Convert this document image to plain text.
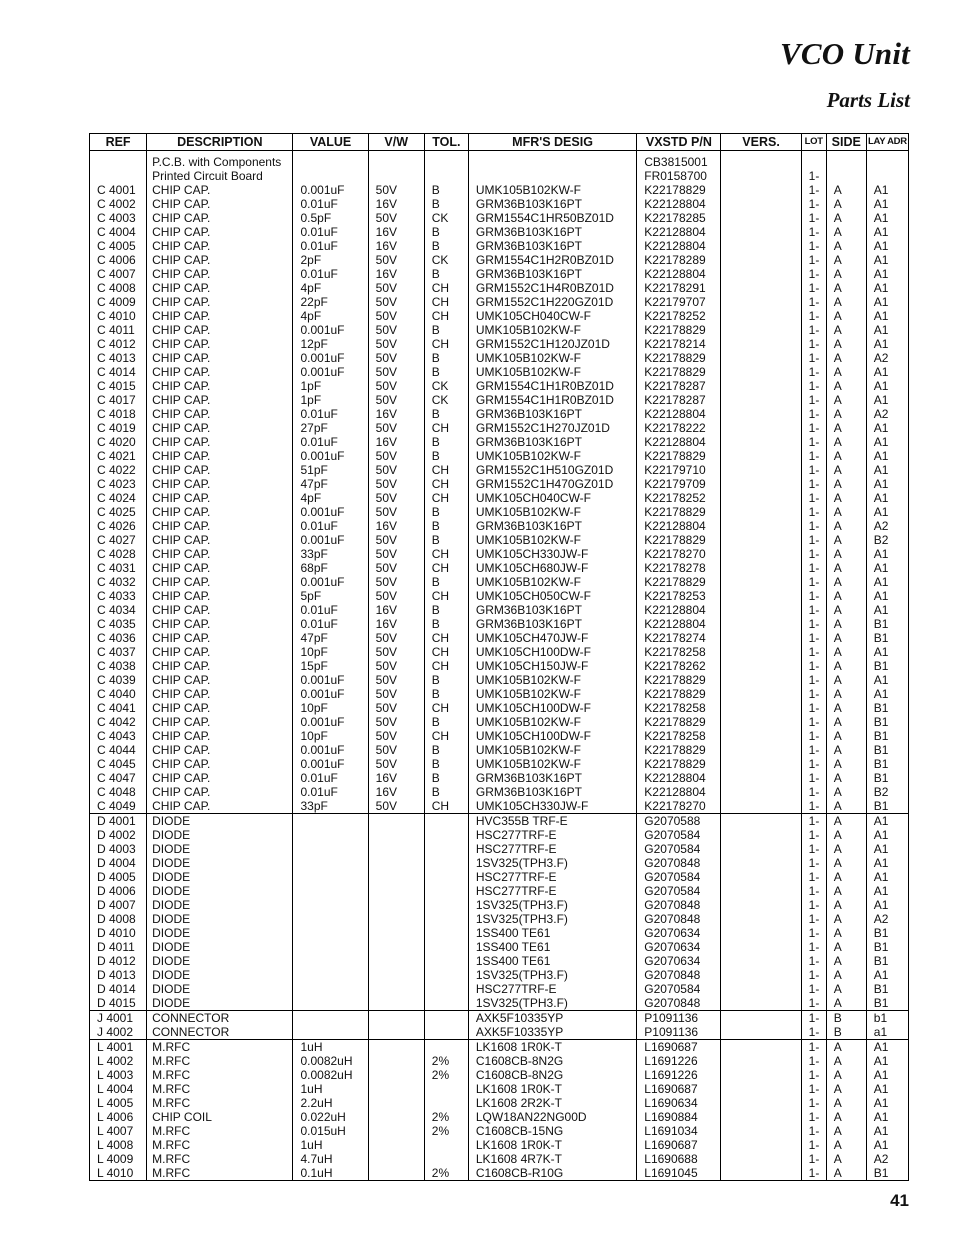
VCO Unit
Parts List
REF	DESCRIPTION	VALUE	V/W	TOL.	MFR'S DESIG	VXSTD P/N	VERS.	LOT	SIDE	LAY ADR

	P.C.B. with Components					CB3815001				
	Printed Circuit Board					FR0158700		1-		
C 4001	CHIP CAP.	0.001uF	50V	B	UMK105B102KW-F	K22178829		1-	A	A1
C 4002	CHIP CAP.	0.01uF	16V	B	GRM36B103K16PT	K22128804		1-	A	A1
C 4003	CHIP CAP.	0.5pF	50V	CK	GRM1554C1HR50BZ01D	K22178285		1-	A	A1
C 4004	CHIP CAP.	0.01uF	16V	B	GRM36B103K16PT	K22128804		1-	A	A1
C 4005	CHIP CAP.	0.01uF	16V	B	GRM36B103K16PT	K22128804		1-	A	A1
C 4006	CHIP CAP.	2pF	50V	CK	GRM1554C1H2R0BZ01D	K22178289		1-	A	A1
C 4007	CHIP CAP.	0.01uF	16V	B	GRM36B103K16PT	K22128804		1-	A	A1
C 4008	CHIP CAP.	4pF	50V	CH	GRM1552C1H4R0BZ01D	K22178291		1-	A	A1
C 4009	CHIP CAP.	22pF	50V	CH	GRM1552C1H220GZ01D	K22179707		1-	A	A1
C 4010	CHIP CAP.	4pF	50V	CH	UMK105CH040CW-F	K22178252		1-	A	A1
C 4011	CHIP CAP.	0.001uF	50V	B	UMK105B102KW-F	K22178829		1-	A	A1
C 4012	CHIP CAP.	12pF	50V	CH	GRM1552C1H120JZ01D	K22178214		1-	A	A1
C 4013	CHIP CAP.	0.001uF	50V	B	UMK105B102KW-F	K22178829		1-	A	A2
C 4014	CHIP CAP.	0.001uF	50V	B	UMK105B102KW-F	K22178829		1-	A	A1
C 4015	CHIP CAP.	1pF	50V	CK	GRM1554C1H1R0BZ01D	K22178287		1-	A	A1
C 4017	CHIP CAP.	1pF	50V	CK	GRM1554C1H1R0BZ01D	K22178287		1-	A	A1
C 4018	CHIP CAP.	0.01uF	16V	B	GRM36B103K16PT	K22128804		1-	A	A2
C 4019	CHIP CAP.	27pF	50V	CH	GRM1552C1H270JZ01D	K22178222		1-	A	A1
C 4020	CHIP CAP.	0.01uF	16V	B	GRM36B103K16PT	K22128804		1-	A	A1
C 4021	CHIP CAP.	0.001uF	50V	B	UMK105B102KW-F	K22178829		1-	A	A1
C 4022	CHIP CAP.	51pF	50V	CH	GRM1552C1H510GZ01D	K22179710		1-	A	A1
C 4023	CHIP CAP.	47pF	50V	CH	GRM1552C1H470GZ01D	K22179709		1-	A	A1
C 4024	CHIP CAP.	4pF	50V	CH	UMK105CH040CW-F	K22178252		1-	A	A1
C 4025	CHIP CAP.	0.001uF	50V	B	UMK105B102KW-F	K22178829		1-	A	A1
C 4026	CHIP CAP.	0.01uF	16V	B	GRM36B103K16PT	K22128804		1-	A	A2
C 4027	CHIP CAP.	0.001uF	50V	B	UMK105B102KW-F	K22178829		1-	A	B2
C 4028	CHIP CAP.	33pF	50V	CH	UMK105CH330JW-F	K22178270		1-	A	A1
C 4031	CHIP CAP.	68pF	50V	CH	UMK105CH680JW-F	K22178278		1-	A	A1
C 4032	CHIP CAP.	0.001uF	50V	B	UMK105B102KW-F	K22178829		1-	A	A1
C 4033	CHIP CAP.	5pF	50V	CH	UMK105CH050CW-F	K22178253		1-	A	A1
C 4034	CHIP CAP.	0.01uF	16V	B	GRM36B103K16PT	K22128804		1-	A	A1
C 4035	CHIP CAP.	0.01uF	16V	B	GRM36B103K16PT	K22128804		1-	A	B1
C 4036	CHIP CAP.	47pF	50V	CH	UMK105CH470JW-F	K22178274		1-	A	B1
C 4037	CHIP CAP.	10pF	50V	CH	UMK105CH100DW-F	K22178258		1-	A	A1
C 4038	CHIP CAP.	15pF	50V	CH	UMK105CH150JW-F	K22178262		1-	A	B1
C 4039	CHIP CAP.	0.001uF	50V	B	UMK105B102KW-F	K22178829		1-	A	A1
C 4040	CHIP CAP.	0.001uF	50V	B	UMK105B102KW-F	K22178829		1-	A	A1
C 4041	CHIP CAP.	10pF	50V	CH	UMK105CH100DW-F	K22178258		1-	A	B1
C 4042	CHIP CAP.	0.001uF	50V	B	UMK105B102KW-F	K22178829		1-	A	B1
C 4043	CHIP CAP.	10pF	50V	CH	UMK105CH100DW-F	K22178258		1-	A	B1
C 4044	CHIP CAP.	0.001uF	50V	B	UMK105B102KW-F	K22178829		1-	A	B1
C 4045	CHIP CAP.	0.001uF	50V	B	UMK105B102KW-F	K22178829		1-	A	B1
C 4047	CHIP CAP.	0.01uF	16V	B	GRM36B103K16PT	K22128804		1-	A	B1
C 4048	CHIP CAP.	0.01uF	16V	B	GRM36B103K16PT	K22128804		1-	A	B2
C 4049	CHIP CAP.	33pF	50V	CH	UMK105CH330JW-F	K22178270		1-	A	B1
D 4001	DIODE				HVC355B TRF-E	G2070588		1-	A	A1
D 4002	DIODE				HSC277TRF-E	G2070584		1-	A	A1
D 4003	DIODE				HSC277TRF-E	G2070584		1-	A	A1
D 4004	DIODE				1SV325(TPH3.F)	G2070848		1-	A	A1
D 4005	DIODE				HSC277TRF-E	G2070584		1-	A	A1
D 4006	DIODE				HSC277TRF-E	G2070584		1-	A	A1
D 4007	DIODE				1SV325(TPH3.F)	G2070848		1-	A	A1
D 4008	DIODE				1SV325(TPH3.F)	G2070848		1-	A	A2
D 4010	DIODE				1SS400 TE61	G2070634		1-	A	B1
D 4011	DIODE				1SS400 TE61	G2070634		1-	A	B1
D 4012	DIODE				1SS400 TE61	G2070634		1-	A	B1
D 4013	DIODE				1SV325(TPH3.F)	G2070848		1-	A	A1
D 4014	DIODE				HSC277TRF-E	G2070584		1-	A	B1
D 4015	DIODE				1SV325(TPH3.F)	G2070848		1-	A	B1
J 4001	CONNECTOR				AXK5F10335YP	P1091136		1-	B	b1
J 4002	CONNECTOR				AXK5F10335YP	P1091136		1-	B	a1
L 4001	M.RFC	1uH			LK1608 1R0K-T	L1690687		1-	A	A1
L 4002	M.RFC	0.0082uH		2%	C1608CB-8N2G	L1691226		1-	A	A1
L 4003	M.RFC	0.0082uH		2%	C1608CB-8N2G	L1691226		1-	A	A1
L 4004	M.RFC	1uH			LK1608 1R0K-T	L1690687		1-	A	A1
L 4005	M.RFC	2.2uH			LK1608 2R2K-T	L1690634		1-	A	A1
L 4006	CHIP COIL	0.022uH		2%	LQW18AN22NG00D	L1690884		1-	A	A1
L 4007	M.RFC	0.015uH		2%	C1608CB-15NG	L1691034		1-	A	A1
L 4008	M.RFC	1uH			LK1608 1R0K-T	L1690687		1-	A	A1
L 4009	M.RFC	4.7uH			LK1608 4R7K-T	L1690688		1-	A	A2
L 4010	M.RFC	0.1uH		2%	C1608CB-R10G	L1691045		1-	A	B1
41
